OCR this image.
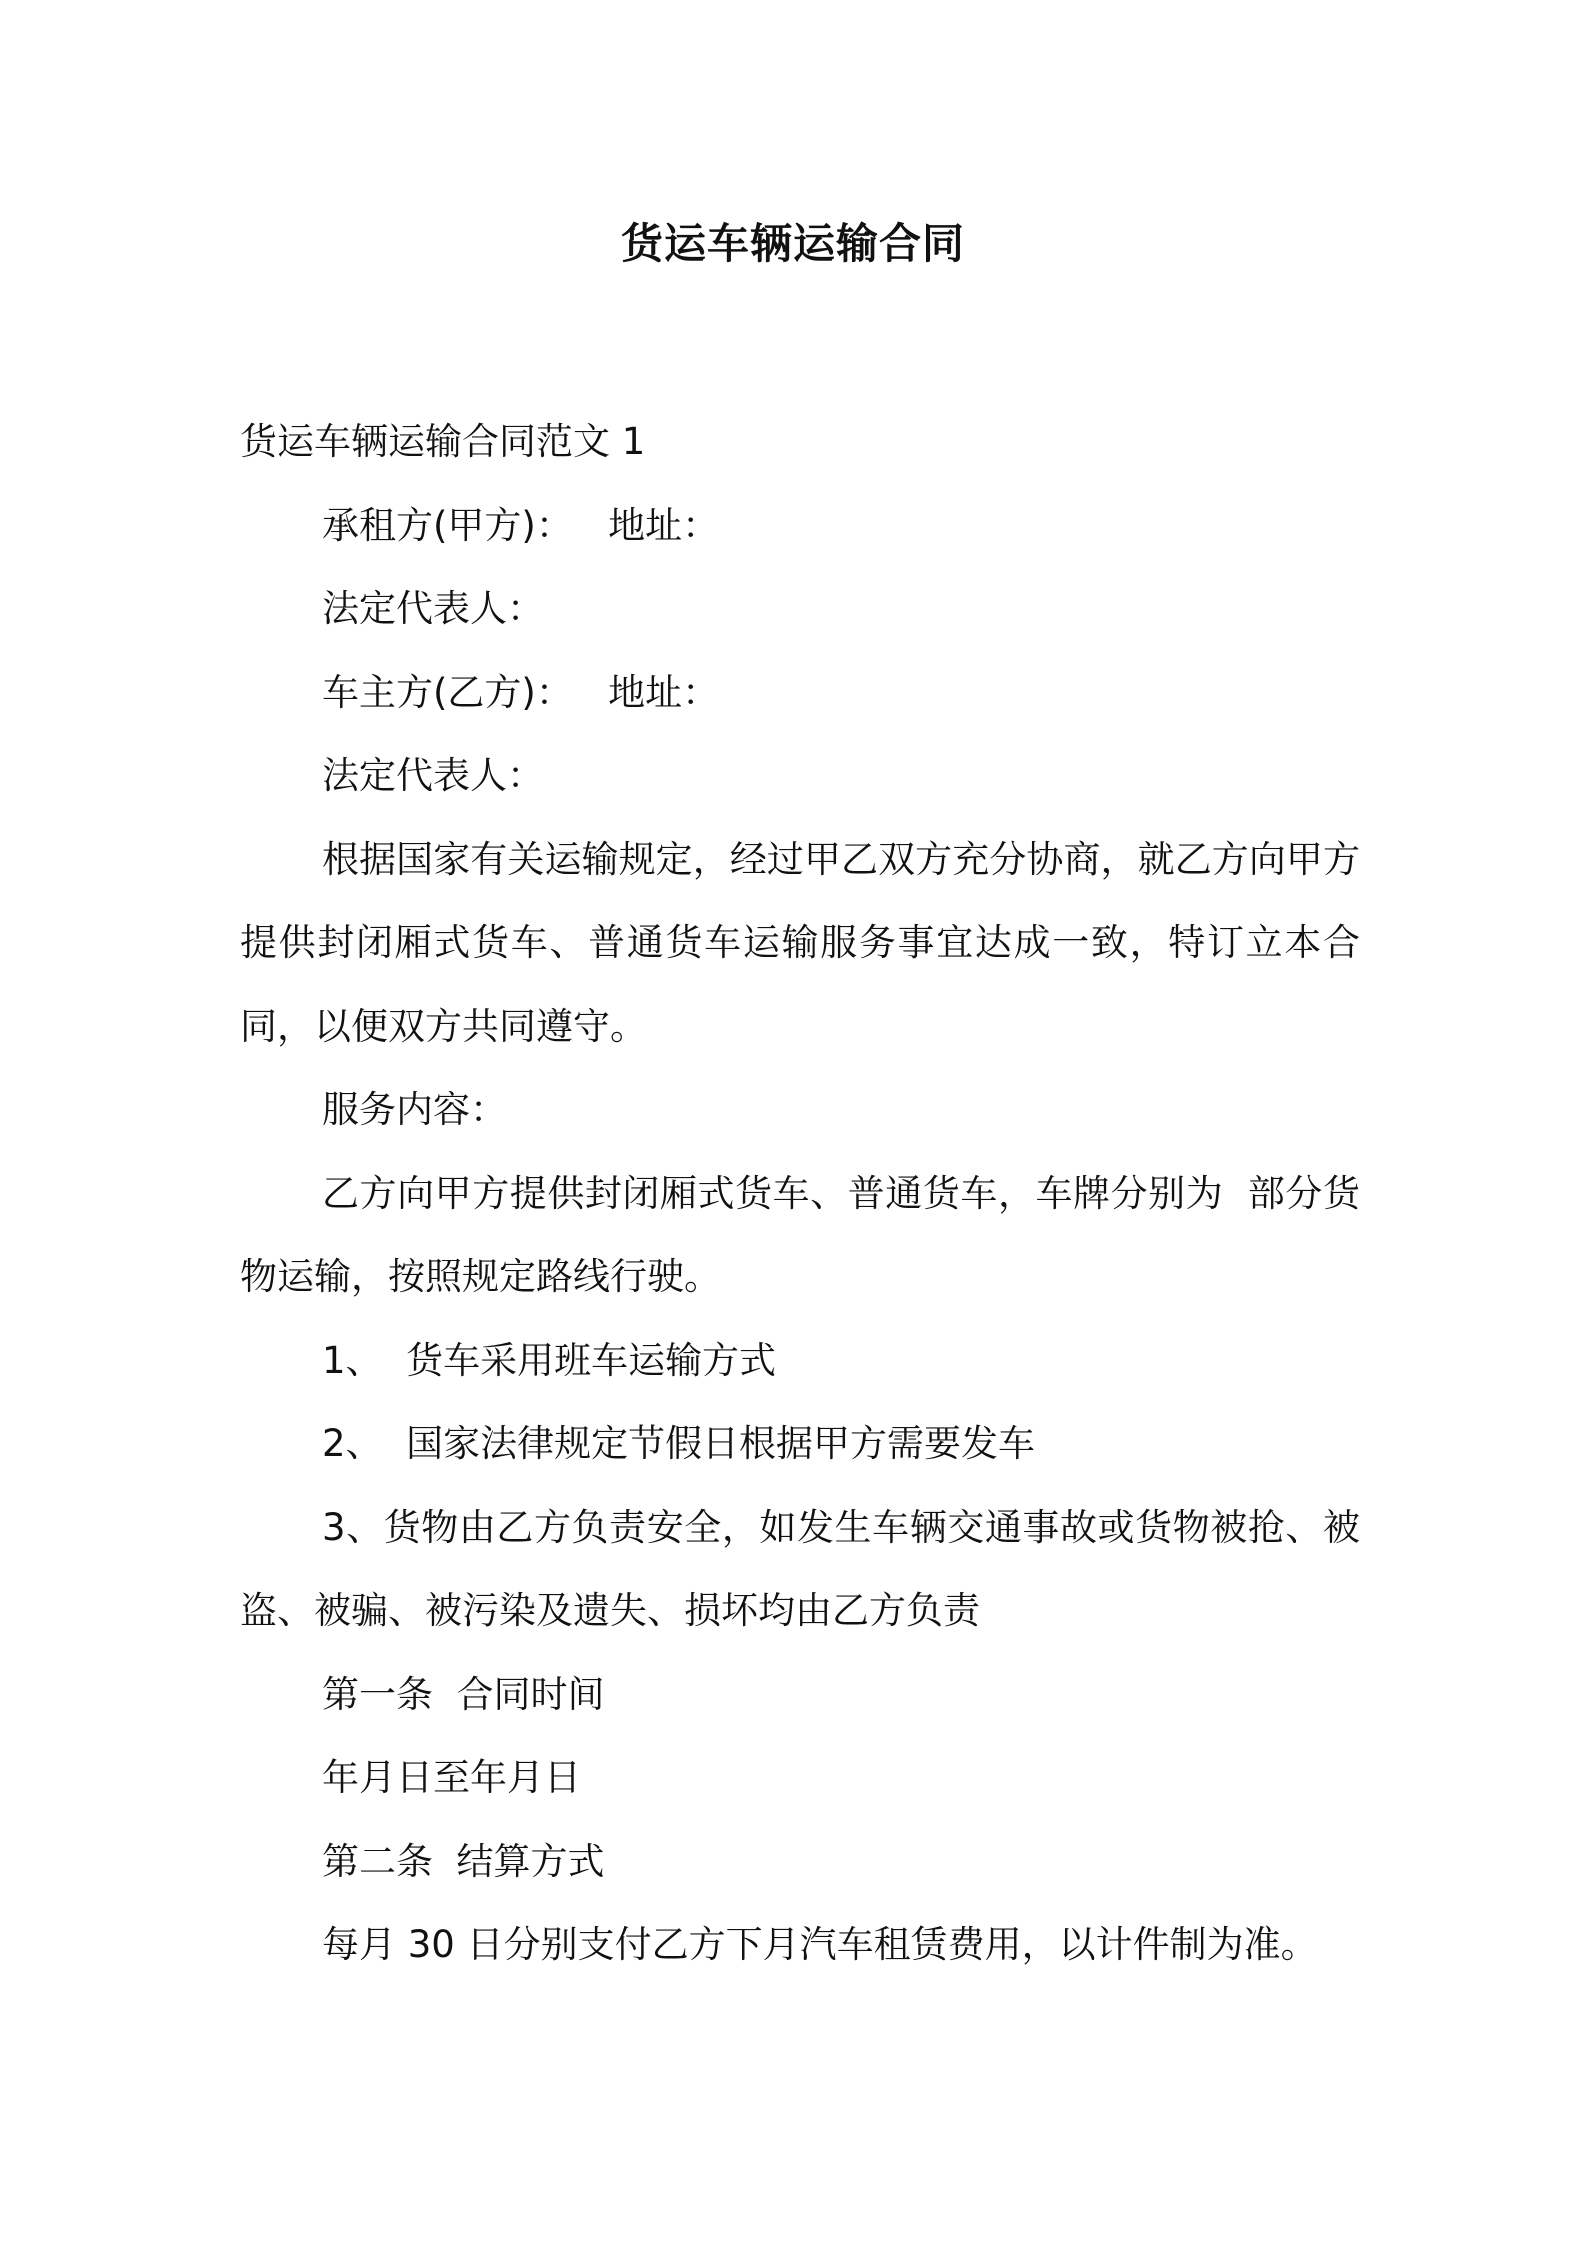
货运车辆运输合同

货运车辆运输合同范文 1

承租方(甲方)：   地址：

法定代表人：

车主方(乙方)：   地址：

法定代表人：

根据国家有关运输规定，经过甲乙双方充分协商，就乙方向甲方提供封闭厢式货车、普通货车运输服务事宜达成一致，特订立本合同，以便双方共同遵守。

服务内容：

乙方向甲方提供封闭厢式货车、普通货车，车牌分别为  部分货物运输，按照规定路线行驶。

1、  货车采用班车运输方式

2、  国家法律规定节假日根据甲方需要发车

3、货物由乙方负责安全，如发生车辆交通事故或货物被抢、被盗、被骗、被污染及遗失、损坏均由乙方负责

第一条  合同时间

年月日至年月日

第二条  结算方式

每月 30 日分别支付乙方下月汽车租赁费用，以计件制为准。
